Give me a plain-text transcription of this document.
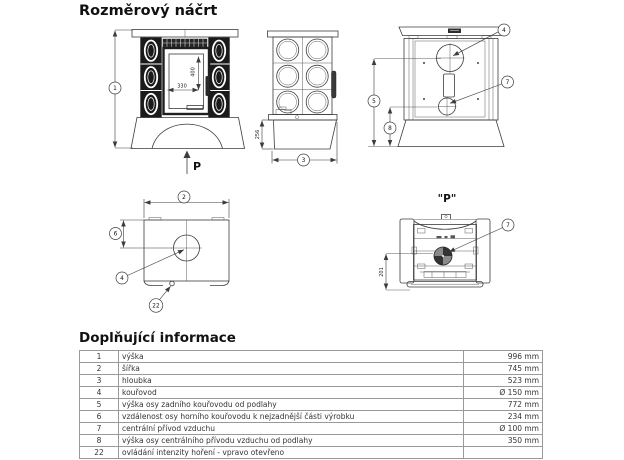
Rozměrový náčrt
1
400
330
P
256
3
5
8
4
7
2
6
4
22
"P"
7
201
Doplňující informace
1	výška	996 mm
2	šířka	745 mm
3	hloubka	523 mm
4	kouřovod	Ø 150 mm
5	výška osy zadního kouřovodu od podlahy	772 mm
6	vzdálenost osy horního kouřovodu k nejzadnější části výrobku	234 mm
7	centrální přívod vzduchu	Ø 100 mm
8	výška osy centrálního přívodu vzduchu od podlahy	350 mm
22	ovládání intenzity hoření - vpravo otevřeno	
